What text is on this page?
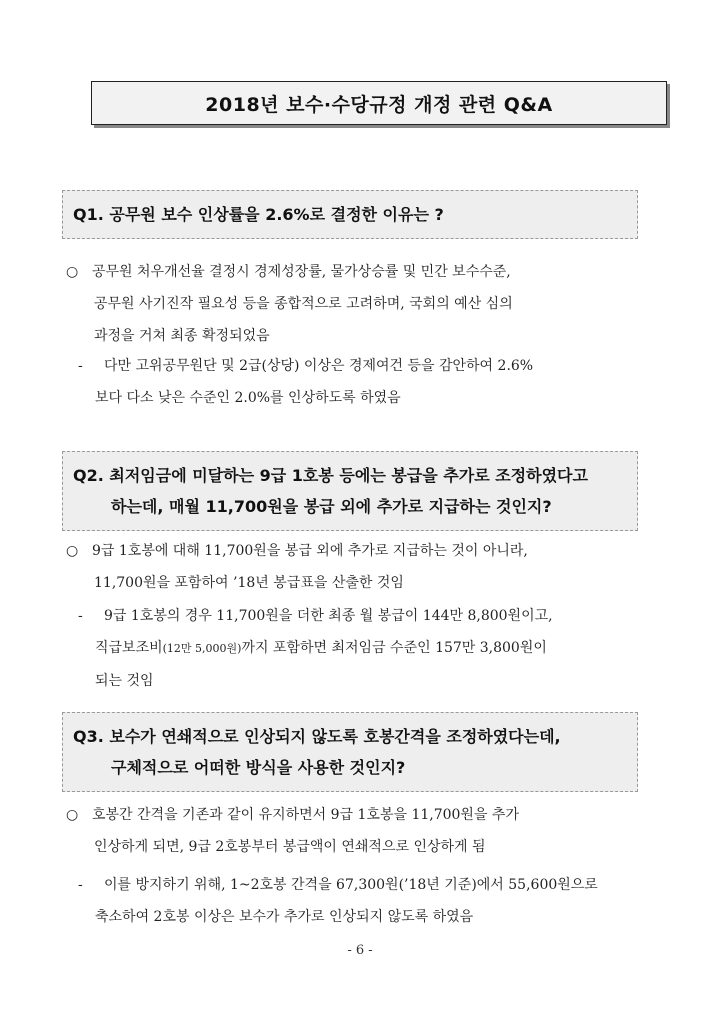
2018년 보수·수당규정 개정 관련 Q&A
Q1. 공무원 보수 인상률을 2.6%로 결정한 이유는 ?
○ 공무원 처우개선율 결정시 경제성장률, 물가상승률 및 민간 보수수준,
공무원 사기진작 필요성 등을 종합적으로 고려하며, 국회의 예산 심의
과정을 거쳐 최종 확정되었음
- 다만 고위공무원단 및 2급(상당) 이상은 경제여건 등을 감안하여 2.6%
보다 다소 낮은 수준인 2.0%를 인상하도록 하였음
Q2. 최저임금에 미달하는 9급 1호봉 등에는 봉급을 추가로 조정하였다고
하는데, 매월 11,700원을 봉급 외에 추가로 지급하는 것인지?
○ 9급 1호봉에 대해 11,700원을 봉급 외에 추가로 지급하는 것이 아니라,
11,700원을 포함하여 ’18년 봉급표을 산출한 것임
- 9급 1호봉의 경우 11,700원을 더한 최종 월 봉급이 144만 8,800원이고,
직급보조비(12만 5,000원)까지 포함하면 최저임금 수준인 157만 3,800원이
되는 것임
Q3. 보수가 연쇄적으로 인상되지 않도록 호봉간격을 조정하였다는데,
구체적으로 어떠한 방식을 사용한 것인지?
○ 호봉간 간격을 기존과 같이 유지하면서 9급 1호봉을 11,700원을 추가
인상하게 되면, 9급 2호봉부터 봉급액이 연쇄적으로 인상하게 됨
- 이를 방지하기 위해, 1~2호봉 간격을 67,300원(’18년 기준)에서 55,600원으로
축소하여 2호봉 이상은 보수가 추가로 인상되지 않도록 하였음
- 6 -
